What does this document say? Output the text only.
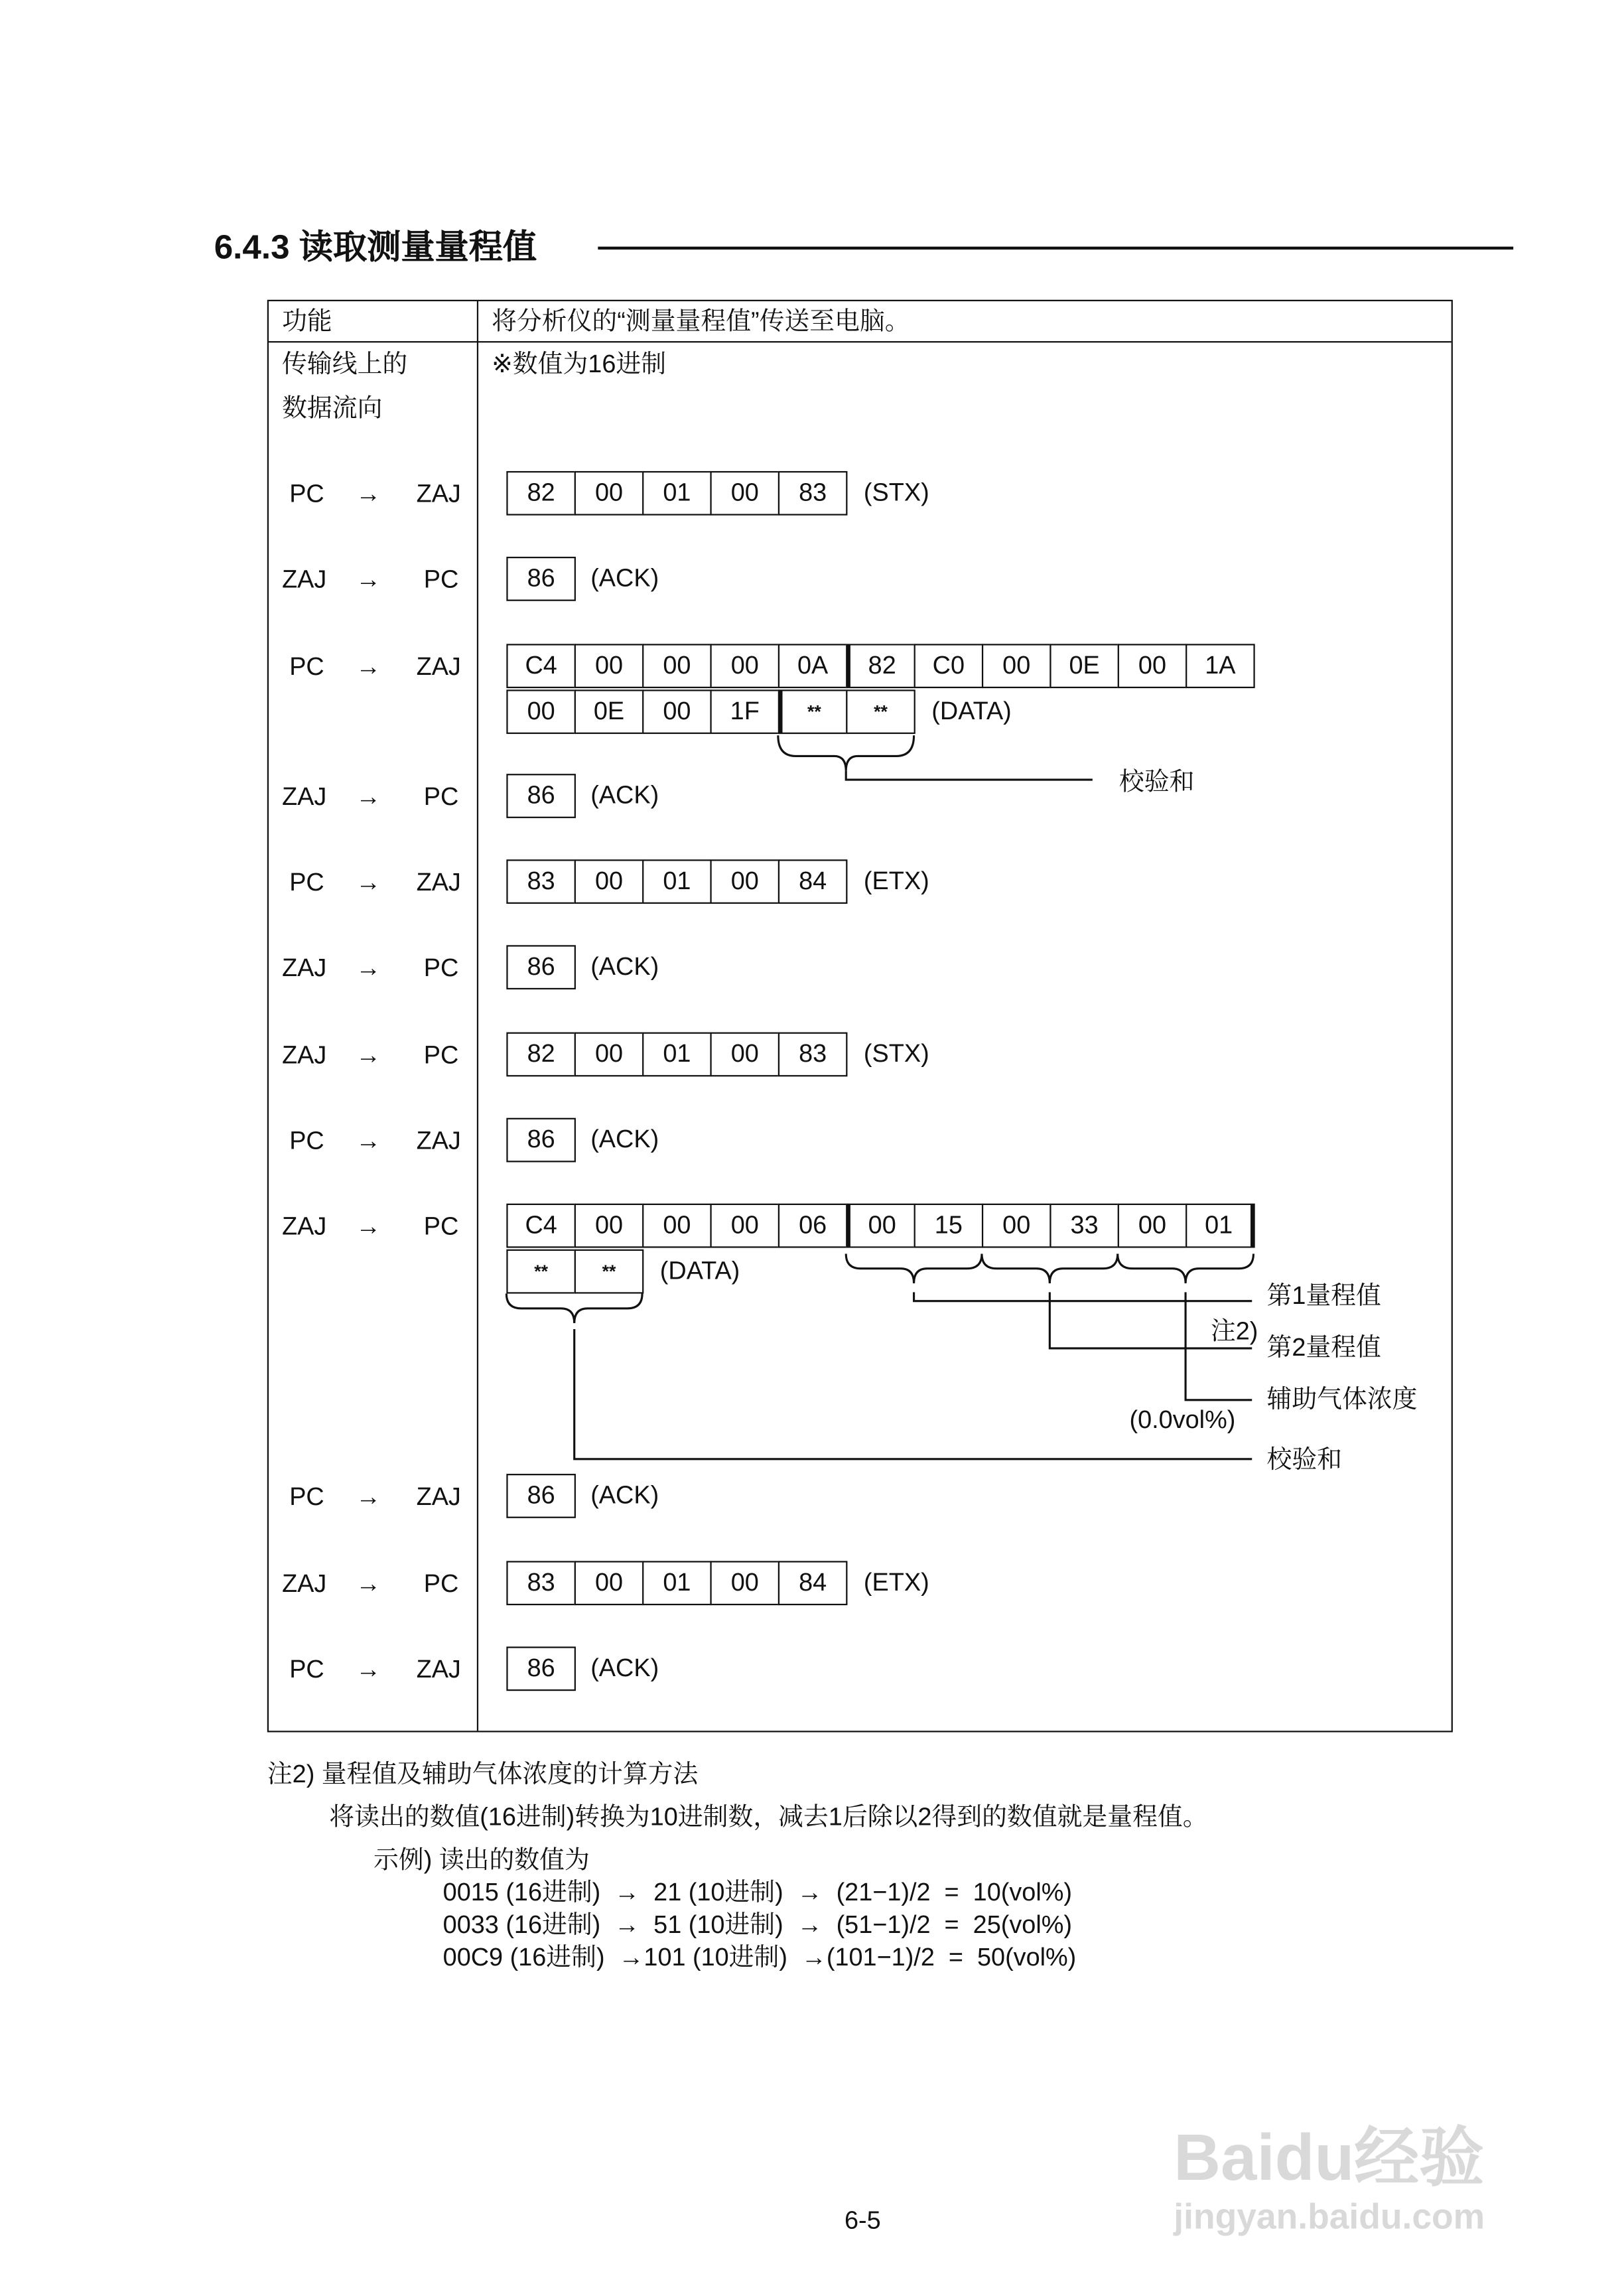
6.4.3 读取测量量程值
功能	将分析仪的“测量量程值”传送至电脑。
传输线上的
数据流向
※数值为16进制
PC	→	ZAJ	82	00	01	00	83	(STX)
ZAJ	→	PC	86	(ACK)
PC	→	ZAJ	C4	00	00	00	0A	82	C0	00	0E	00	1A
00	0E	00	1F	**	**	(DATA)
ZAJ	→	PC	86	(ACK)
PC	→	ZAJ	83	00	01	00	84	(ETX)
ZAJ	→	PC	86	(ACK)
ZAJ	→	PC	82	00	01	00	83	(STX)
PC	→	ZAJ	86	(ACK)
ZAJ	→	PC	C4	00	00	00	06	00	15	00	33	00	01
**	**	(DATA)
PC	→	ZAJ	86	(ACK)
ZAJ	→	PC	83	00	01	00	84	(ETX)
PC	→	ZAJ	86	(ACK)
校验和
第1量程值
注2)
第2量程值
辅助气体浓度
(0.0vol%)
校验和
注2) 量程值及辅助气体浓度的计算方法
将读出的数值(16进制)转换为10进制数，减去1后除以2得到的数值就是量程值。
示例) 读出的数值为
0015 (16进制)  →  21 (10进制)  →  (21−1)/2  =  10(vol%)
0033 (16进制)  →  51 (10进制)  →  (51−1)/2  =  25(vol%)
00C9 (16进制)  →101 (10进制)  →(101−1)/2  =  50(vol%)
6-5
Baidu经验
jingyan.baidu.com
